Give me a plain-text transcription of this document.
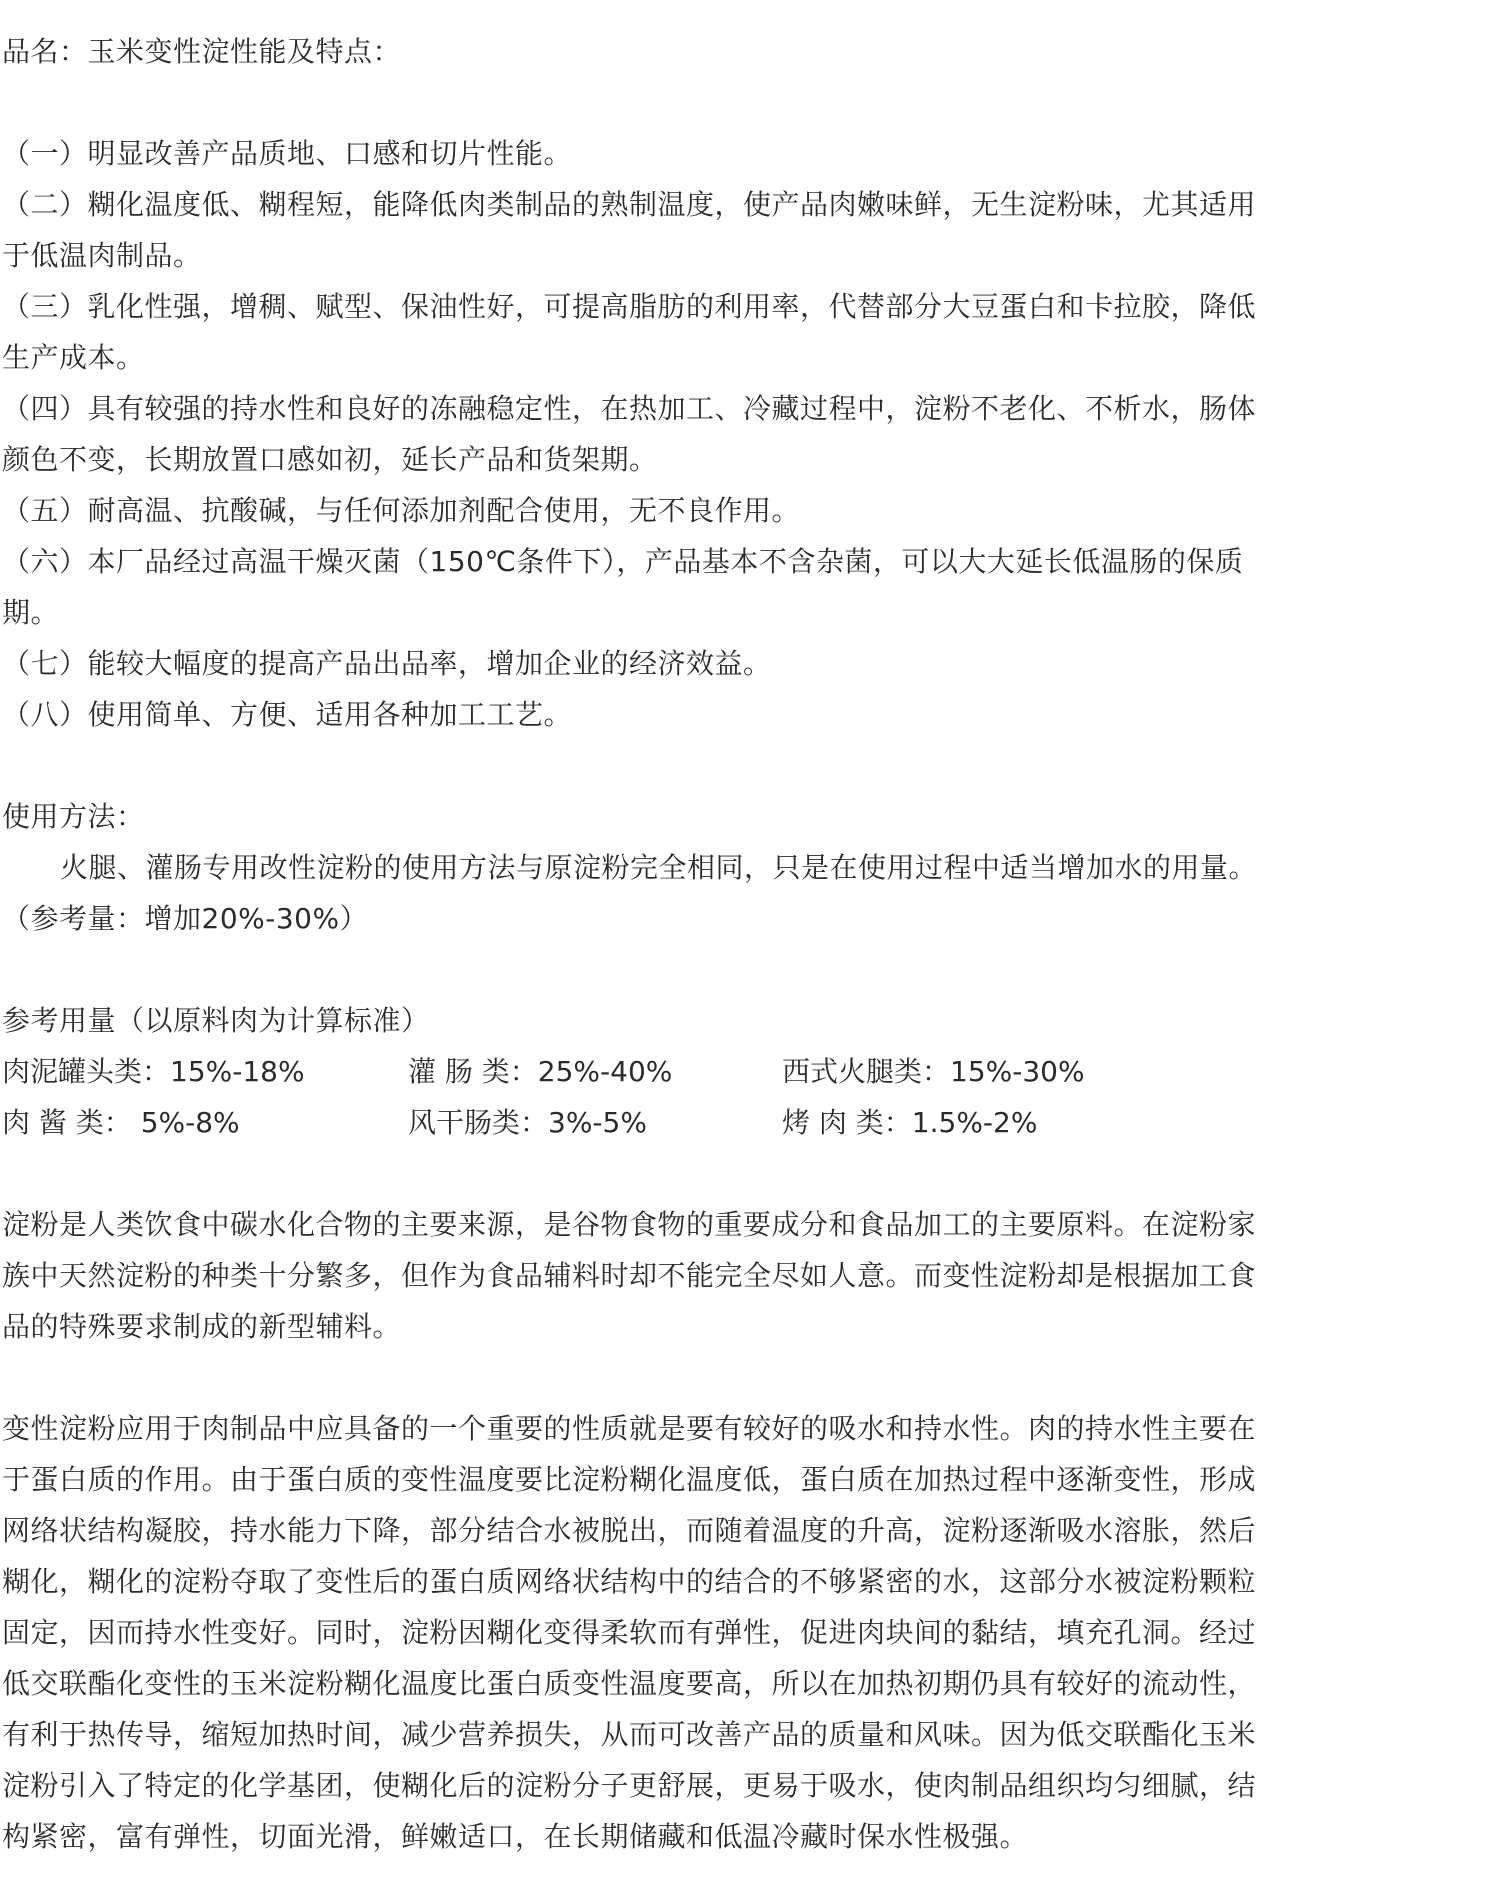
品名：玉米变性淀性能及特点：

（一）明显改善产品质地、口感和切片性能。

（二）糊化温度低、糊程短，能降低肉类制品的熟制温度，使产品肉嫩味鲜，无生淀粉味，尤其适用

于低温肉制品。

（三）乳化性强，增稠、赋型、保油性好，可提高脂肪的利用率，代替部分大豆蛋白和卡拉胶，降低

生产成本。

（四）具有较强的持水性和良好的冻融稳定性，在热加工、冷藏过程中，淀粉不老化、不析水，肠体

颜色不变，长期放置口感如初，延长产品和货架期。

（五）耐高温、抗酸碱，与任何添加剂配合使用，无不良作用。

（六）本厂品经过高温干燥灭菌（150℃条件下），产品基本不含杂菌，可以大大延长低温肠的保质

期。

（七）能较大幅度的提高产品出品率，增加企业的经济效益。

（八）使用简单、方便、适用各种加工工艺。

使用方法：

火腿、灌肠专用改性淀粉的使用方法与原淀粉完全相同，只是在使用过程中适当增加水的用量。

（参考量：增加20%-30%）

参考用量（以原料肉为计算标准）

肉泥罐头类：15%-18%	灌 肠 类：25%-40%	西式火腿类：15%-30%
肉 酱 类： 5%-8%	风干肠类：3%-5%	烤 肉 类：1.5%-2%

淀粉是人类饮食中碳水化合物的主要来源，是谷物食物的重要成分和食品加工的主要原料。在淀粉家

族中天然淀粉的种类十分繁多，但作为食品辅料时却不能完全尽如人意。而变性淀粉却是根据加工食

品的特殊要求制成的新型辅料。

变性淀粉应用于肉制品中应具备的一个重要的性质就是要有较好的吸水和持水性。肉的持水性主要在

于蛋白质的作用。由于蛋白质的变性温度要比淀粉糊化温度低，蛋白质在加热过程中逐渐变性，形成

网络状结构凝胶，持水能力下降，部分结合水被脱出，而随着温度的升高，淀粉逐渐吸水溶胀，然后

糊化，糊化的淀粉夺取了变性后的蛋白质网络状结构中的结合的不够紧密的水，这部分水被淀粉颗粒

固定，因而持水性变好。同时，淀粉因糊化变得柔软而有弹性，促进肉块间的黏结，填充孔洞。经过

低交联酯化变性的玉米淀粉糊化温度比蛋白质变性温度要高，所以在加热初期仍具有较好的流动性，

有利于热传导，缩短加热时间，减少营养损失，从而可改善产品的质量和风味。因为低交联酯化玉米

淀粉引入了特定的化学基团，使糊化后的淀粉分子更舒展，更易于吸水，使肉制品组织均匀细腻，结

构紧密，富有弹性，切面光滑，鲜嫩适口，在长期储藏和低温冷藏时保水性极强。
